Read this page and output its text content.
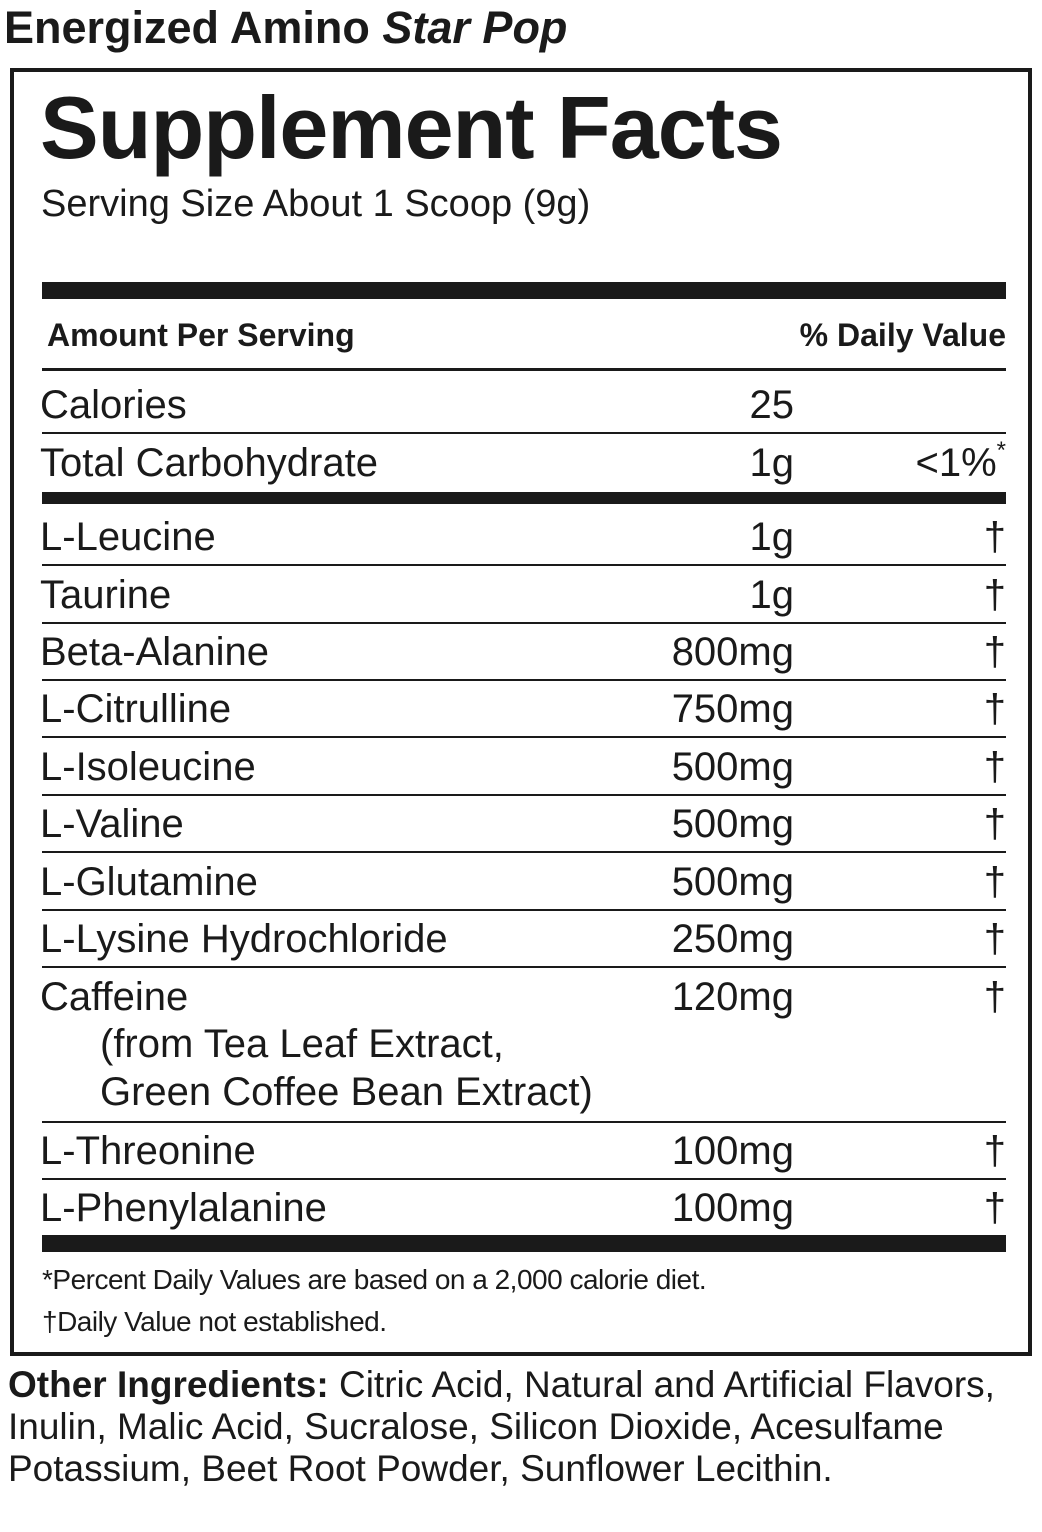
Energized Amino Star Pop
Supplement Facts
Serving Size About 1 Scoop (9g)
Amount Per Serving	% Daily Value
Calories	25
Total Carbohydrate	1g	<1%*
L-Leucine	1g	†
Taurine	1g	†
Beta-Alanine	800mg	†
L-Citrulline	750mg	†
L-Isoleucine	500mg	†
L-Valine	500mg	†
L-Glutamine	500mg	†
L-Lysine Hydrochloride	250mg	†
Caffeine	120mg	†
(from Tea Leaf Extract,
Green Coffee Bean Extract)
L-Threonine	100mg	†
L-Phenylalanine	100mg	†
*Percent Daily Values are based on a 2,000 calorie diet.
†Daily Value not established.
Other Ingredients: Citric Acid, Natural and Artificial Flavors, Inulin, Malic Acid, Sucralose, Silicon Dioxide, Acesulfame Potassium, Beet Root Powder, Sunflower Lecithin.
